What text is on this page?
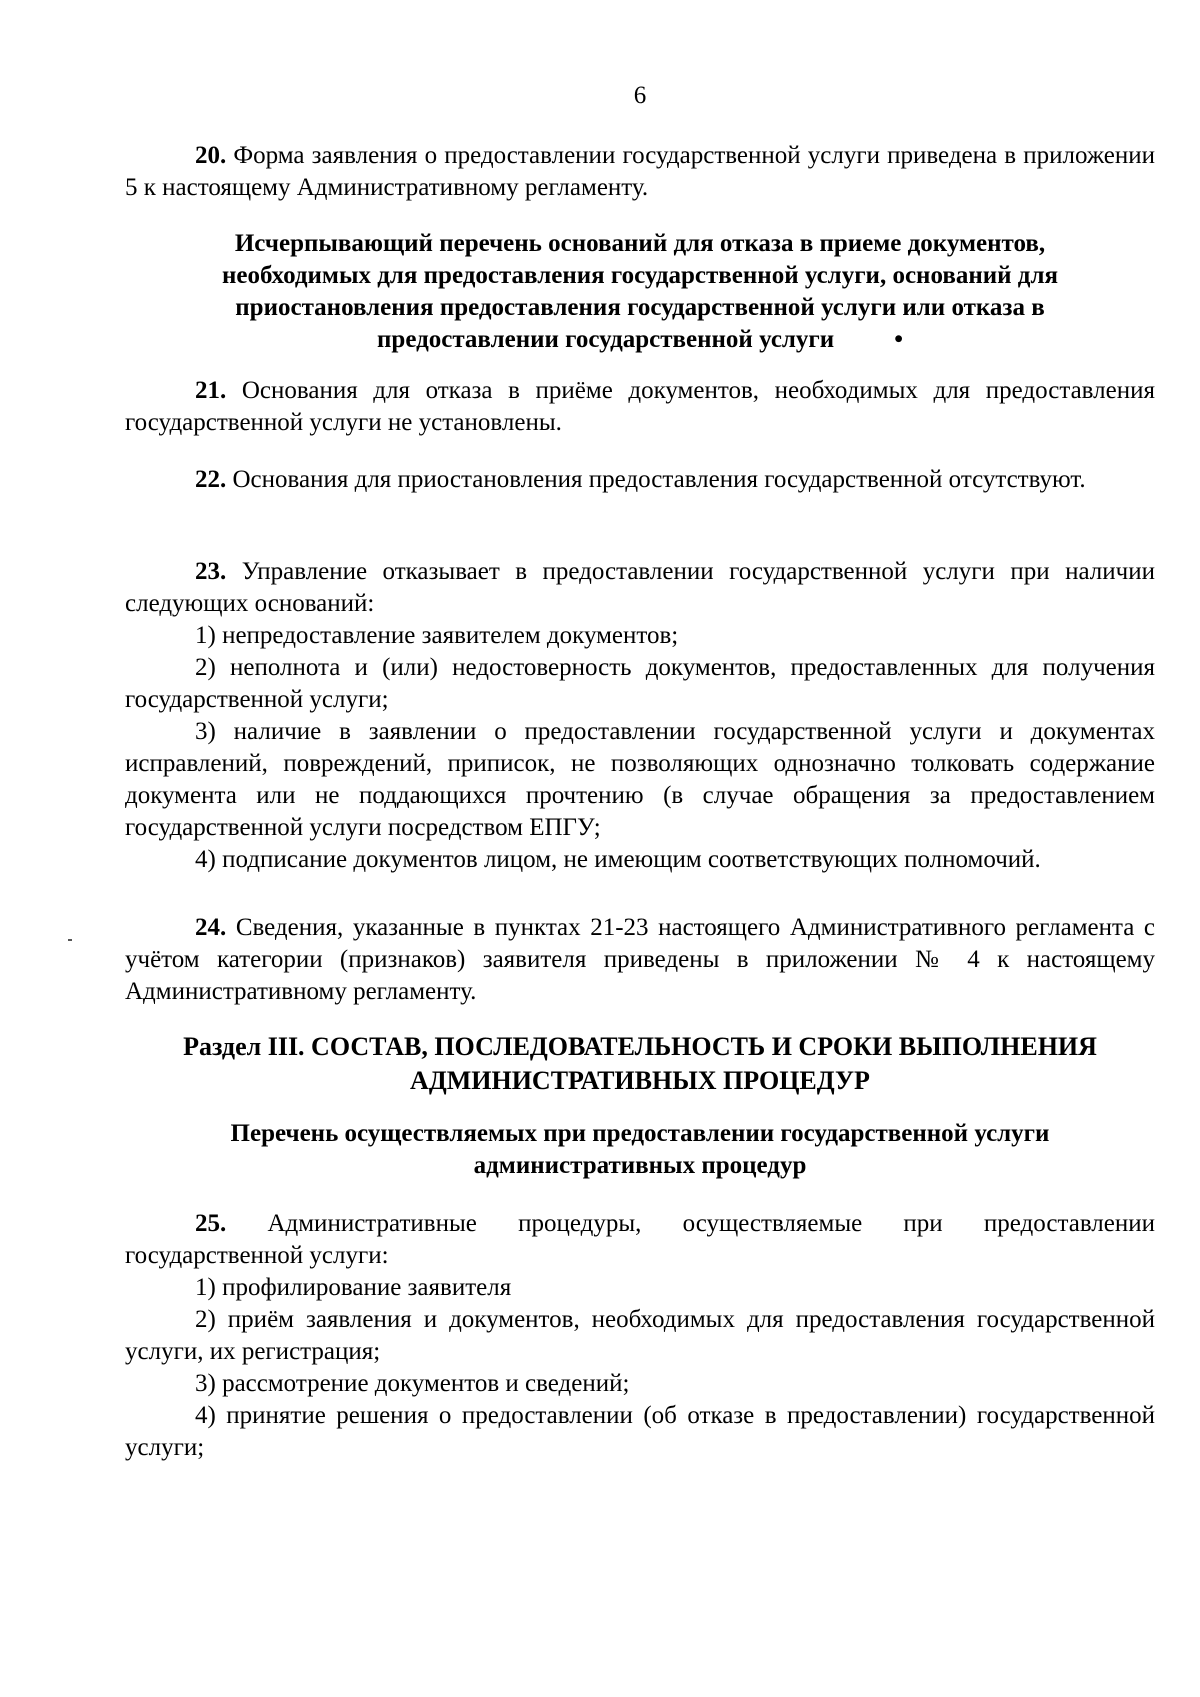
6

20. Форма заявления о предоставлении государственной услуги приведена в приложении 5 к настоящему Административному регламенту.

Исчерпывающий перечень оснований для отказа в приеме документов, необходимых для предоставления государственной услуги, оснований для приостановления предоставления государственной услуги или отказа в предоставлении государственной услуги •

21. Основания для отказа в приёме документов, необходимых для предоставления государственной услуги не установлены.

22. Основания для приостановления предоставления государственной отсутствуют.

23. Управление отказывает в предоставлении государственной услуги при наличии следующих оснований:

1) непредоставление заявителем документов;

2) неполнота и (или) недостоверность документов, предоставленных для получения государственной услуги;

3) наличие в заявлении о предоставлении государственной услуги и документах исправлений, повреждений, приписок, не позволяющих однозначно толковать содержание документа или не поддающихся прочтению (в случае обращения за предоставлением государственной услуги посредством ЕПГУ;

4) подписание документов лицом, не имеющим соответствующих полномочий.

24. Сведения, указанные в пунктах 21-23 настоящего Административного регламента с учётом категории (признаков) заявителя приведены в приложении № 4 к настоящему Административному регламенту.

Раздел III. СОСТАВ, ПОСЛЕДОВАТЕЛЬНОСТЬ И СРОКИ ВЫПОЛНЕНИЯ

АДМИНИСТРАТИВНЫХ ПРОЦЕДУР

Перечень осуществляемых при предоставлении государственной услуги

административных процедур

25. Административные процедуры, осуществляемые при предоставлении государственной услуги:

1) профилирование заявителя

2) приём заявления и документов, необходимых для предоставления государственной услуги, их регистрация;

3) рассмотрение документов и сведений;

4) принятие решения о предоставлении (об отказе в предоставлении) государственной услуги;
